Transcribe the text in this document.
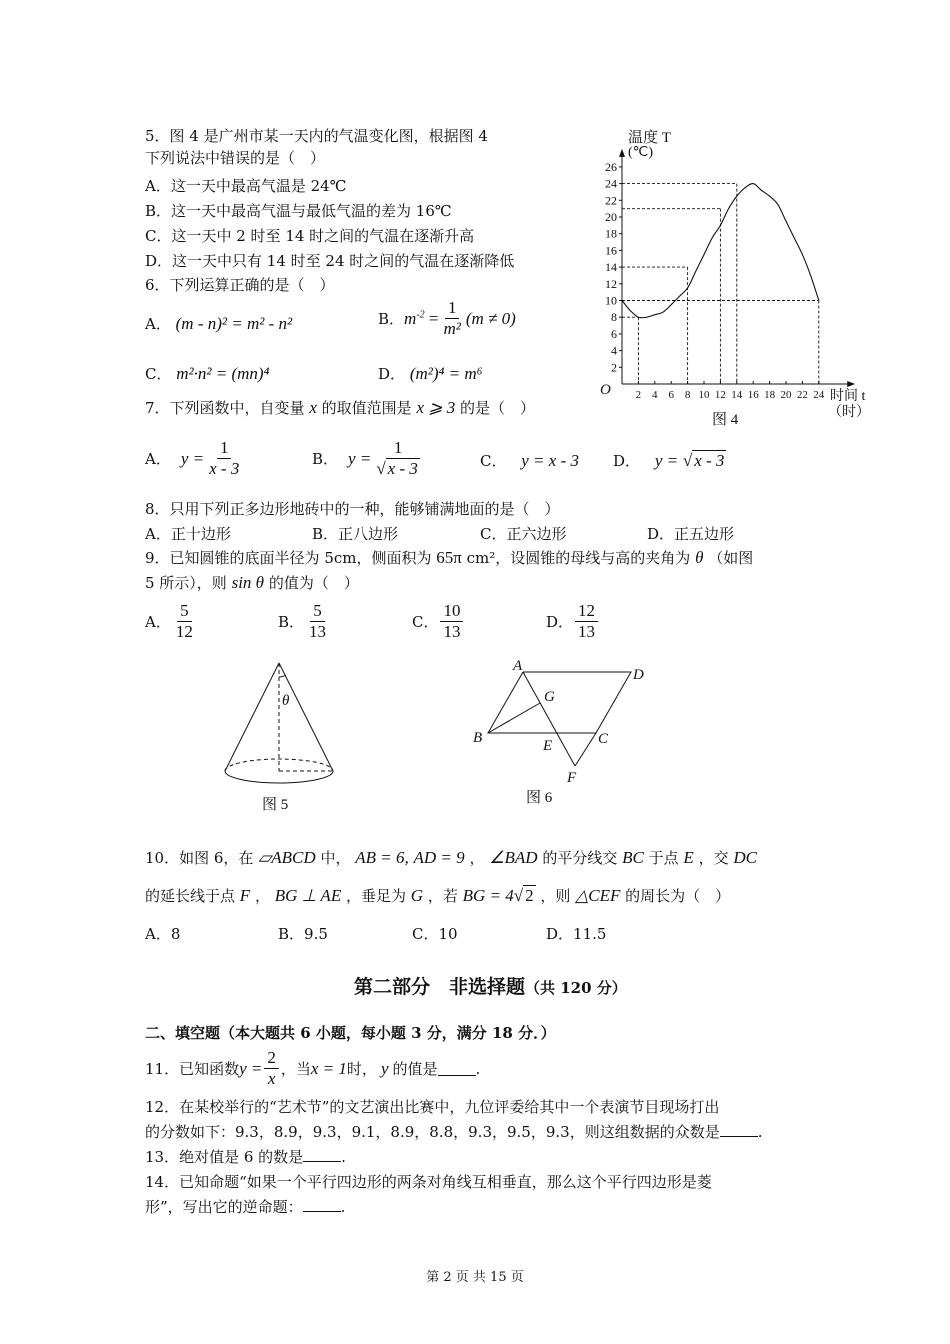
5．图 4 是广州市某一天内的气温变化图，根据图 4
下列说法中错误的是（　）
A．这一天中最高气温是 24℃
B．这一天中最高气温与最低气温的差为 16℃
C．这一天中 2 时至 14 时之间的气温在逐渐升高
D．这一天中只有 14 时至 24 时之间的气温在逐渐降低
2
4
6
8
10
12
14
16
18
20
22
24
26
2 4 6 8 10 12 14 16 18 20 22 24
温度 T
(℃)
时间 t
（时）
O
图 4
6．下列运算正确的是（　）
A． (m - n)² = m² - n²	B． $m^{-2} = \frac{1}{\text{m²}} (m \ne 0)$
C． m²·n² = (mn)⁴	D． (m²)⁴ = m⁶
7．下列函数中，自变量 x 的取值范围是 x ⩾ 3 的是（　）
A． $y = \frac{1}{x - 3}$	B． $y = \frac{1}{√ x - 3}$	C． y = x - 3 D． y = √ x - 3
8．只用下列正多边形地砖中的一种，能够铺满地面的是（　）
A．正十边形	B．正八边形	C．正六边形	D．正五边形
9．已知圆锥的底面半径为 5cm，侧面积为 65π cm²，设圆锥的母线与高的夹角为 θ （如图
5 所示），则 sin θ 的值为（　）
A． $\frac{5}{12}$	B． $\frac{5}{13}$	C． $\frac{10}{13}$	D． $\frac{12}{13}$
θ
图 5
A
D
G
B	E	C
F
图 6
10．如图 6，在 ▱ABCD 中， AB = 6, AD = 9 ， ∠BAD 的平分线交 BC 于点 E ，交 DC
的延长线于点 F ， BG ⊥ AE ，垂足为 G ，若 BG = 4√ 2 ，则 △CEF 的周长为（　）
A．8	B．9.5	C．10	D．11.5
第二部分　非选择题（共 120 分）
二、填空题（本大题共 6 小题，每小题 3 分，满分 18 分．）
11．已知函数 $y = \frac{2}{x}$ ，当 x = 1 时， y 的值是	.
12．在某校举行的“艺术节”的文艺演出比赛中，九位评委给其中一个表演节目现场打出
的分数如下：9.3，8.9，9.3，9.1，8.9，8.8，9.3，9.5，9.3，则这组数据的众数是	.
13．绝对值是 6 的数是	.
14．已知命题“如果一个平行四边形的两条对角线互相垂直，那么这个平行四边形是菱
形”，写出它的逆命题：	.
第 2 页 共 15 页
